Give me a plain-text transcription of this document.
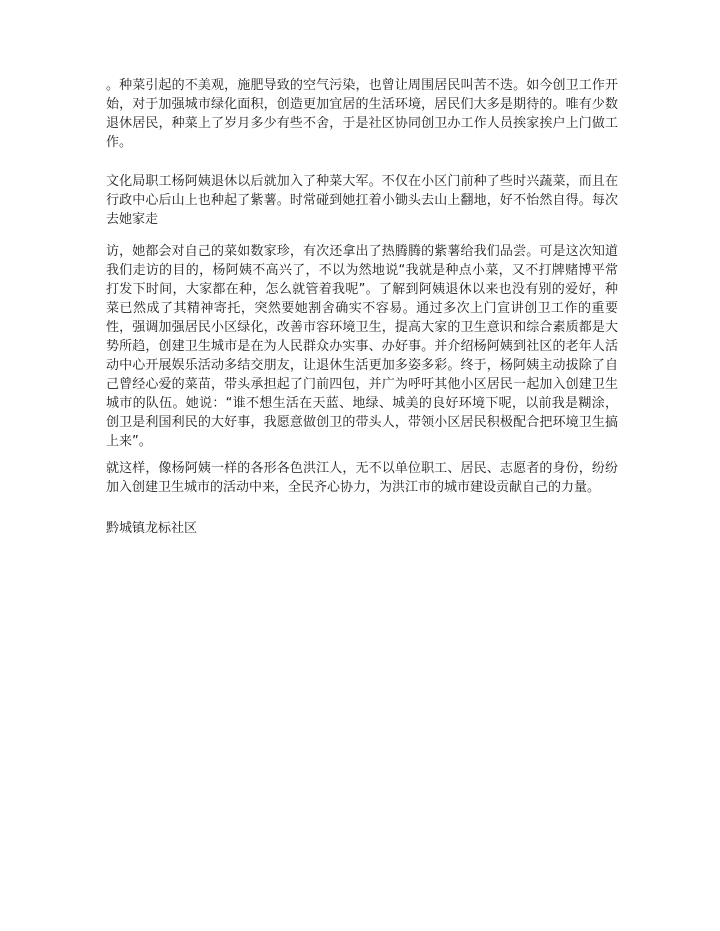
。种菜引起的不美观，施肥导致的空气污染，也曾让周围居民叫苦不迭。如今创卫工作开始，对于加强城市绿化面积，创造更加宜居的生活环境，居民们大多是期待的。唯有少数退休居民，种菜上了岁月多少有些不舍，于是社区协同创卫办工作人员挨家挨户上门做工作。

文化局职工杨阿姨退休以后就加入了种菜大军。不仅在小区门前种了些时兴蔬菜，而且在行政中心后山上也种起了紫薯。时常碰到她扛着小锄头去山上翻地，好不怡然自得。每次去她家走

访，她都会对自己的菜如数家珍，有次还拿出了热腾腾的紫薯给我们品尝。可是这次知道我们走访的目的，杨阿姨不高兴了，不以为然地说“我就是种点小菜，又不打牌赌博平常打发下时间，大家都在种，怎么就管着我呢”。了解到阿姨退休以来也没有别的爱好，种菜已然成了其精神寄托，突然要她割舍确实不容易。通过多次上门宣讲创卫工作的重要性，强调加强居民小区绿化，改善市容环境卫生，提高大家的卫生意识和综合素质都是大势所趋，创建卫生城市是在为人民群众办实事、办好事。并介绍杨阿姨到社区的老年人活动中心开展娱乐活动多结交朋友，让退休生活更加多姿多彩。终于，杨阿姨主动拔除了自己曾经心爱的菜苗，带头承担起了门前四包，并广为呼吁其他小区居民一起加入创建卫生城市的队伍。她说：“谁不想生活在天蓝、地绿、城美的良好环境下呢，以前我是糊涂，创卫是利国利民的大好事，我愿意做创卫的带头人，带领小区居民积极配合把环境卫生搞上来”。

就这样，像杨阿姨一样的各形各色洪江人，无不以单位职工、居民、志愿者的身份，纷纷加入创建卫生城市的活动中来，全民齐心协力，为洪江市的城市建设贡献自己的力量。

黔城镇龙标社区
